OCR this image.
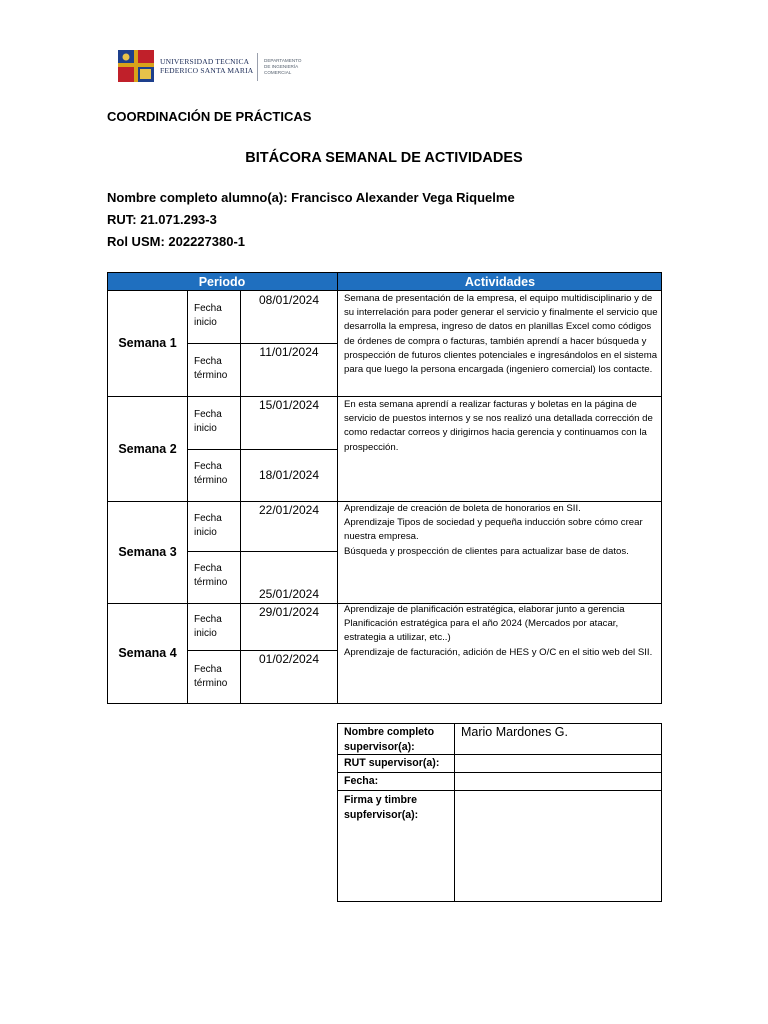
UNIVERSIDAD TECNICA
FEDERICO SANTA MARIA
DEPARTAMENTO
DE INGENIERÍA
COMERCIAL
COORDINACIÓN DE PRÁCTICAS
BITÁCORA SEMANAL DE ACTIVIDADES
Nombre completo alumno(a): Francisco Alexander Vega Riquelme
RUT: 21.071.293-3
Rol USM: 202227380-1
Periodo	Actividades
Semana 1
Fecha
inicio
Fecha
término
08/01/2024
11/01/2024
Semana de presentación de la empresa, el equipo multidisciplinario y de su interrelación para poder generar el servicio y finalmente el servicio que desarrolla la empresa, ingreso de datos en planillas Excel como códigos de órdenes de compra o facturas, también aprendí a hacer búsqueda y prospección de futuros clientes potenciales e ingresándolos en el sistema para que luego la persona encargada (ingeniero comercial) los contacte.
Semana 2
Fecha
inicio
Fecha
término
15/01/2024
18/01/2024
En esta semana aprendí a realizar facturas y boletas en la página de servicio de puestos internos y se nos realizó una detallada corrección de como redactar correos y dirigirnos hacia gerencia y continuamos con la prospección.
Semana 3
Fecha
inicio
Fecha
término
22/01/2024
25/01/2024
Aprendizaje de creación de boleta de honorarios en SII.
Aprendizaje Tipos de sociedad y pequeña inducción sobre cómo crear nuestra empresa.
Búsqueda y prospección de clientes para actualizar base de datos.
Semana 4
Fecha
inicio
Fecha
término
29/01/2024
01/02/2024
Aprendizaje de planificación estratégica, elaborar junto a gerencia Planificación estratégica para el año 2024 (Mercados por atacar, estrategia a utilizar, etc..)
Aprendizaje de facturación, adición de HES y O/C en el sitio web del SII.
Nombre completo supervisor(a):
Mario Mardones G.
RUT supervisor(a):
Fecha:
Firma y timbre supfervisor(a):
